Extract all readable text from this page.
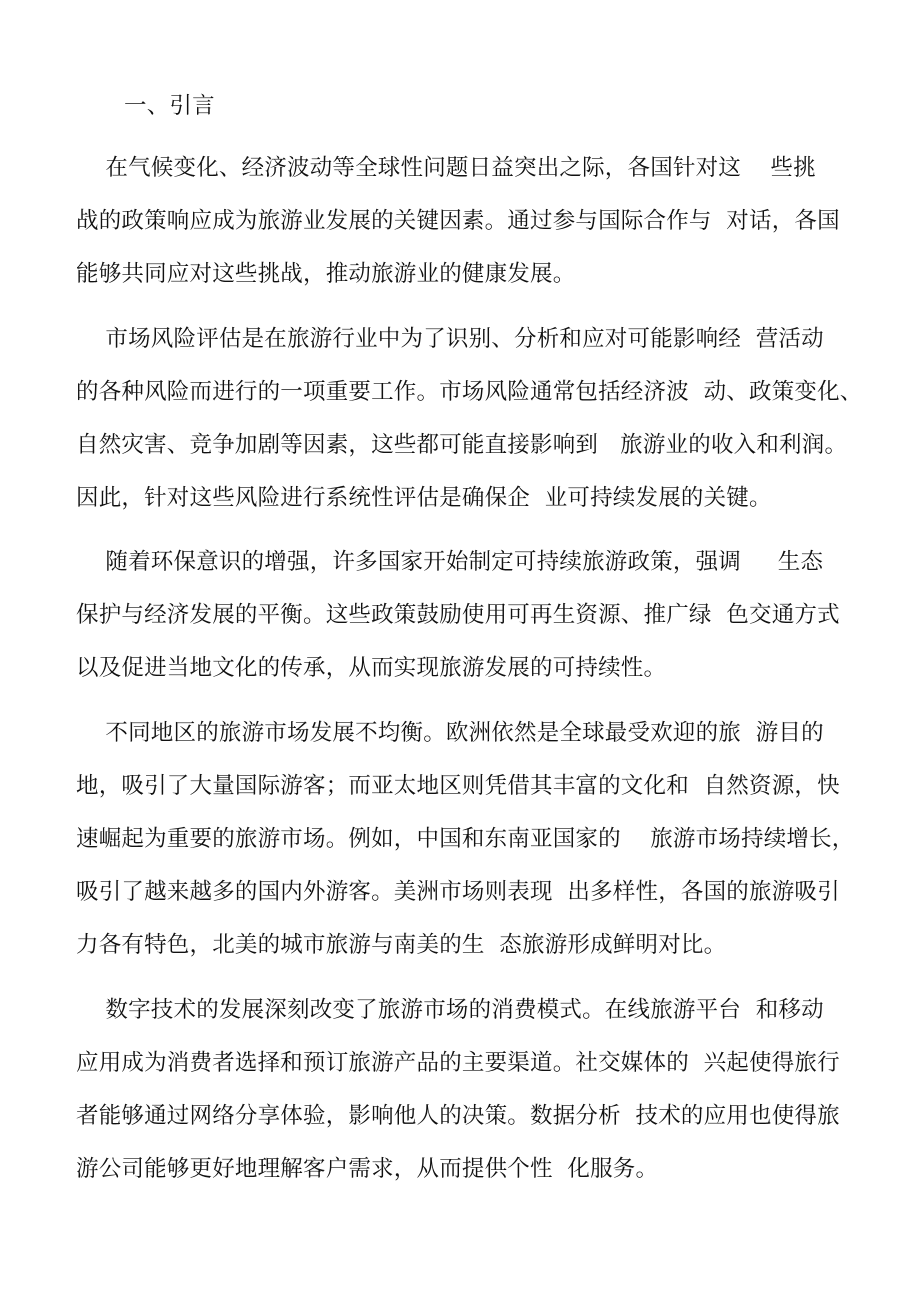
一、引言
在气候变化、经济波动等全球性问题日益突出之际，各国针对这    些挑
战的政策响应成为旅游业发展的关键因素。通过参与国际合作与  对话，各国
能够共同应对这些挑战，推动旅游业的健康发展。
市场风险评估是在旅游行业中为了识别、分析和应对可能影响经  营活动
的各种风险而进行的一项重要工作。市场风险通常包括经济波  动、政策变化、
自然灾害、竞争加剧等因素，这些都可能直接影响到   旅游业的收入和利润。
因此，针对这些风险进行系统性评估是确保企  业可持续发展的关键。
随着环保意识的增强，许多国家开始制定可持续旅游政策，强调     生态
保护与经济发展的平衡。这些政策鼓励使用可再生资源、推广绿  色交通方式
以及促进当地文化的传承，从而实现旅游发展的可持续性。
不同地区的旅游市场发展不均衡。欧洲依然是全球最受欢迎的旅  游目的
地，吸引了大量国际游客；而亚太地区则凭借其丰富的文化和  自然资源，快
速崛起为重要的旅游市场。例如，中国和东南亚国家的    旅游市场持续增长，
吸引了越来越多的国内外游客。美洲市场则表现  出多样性，各国的旅游吸引
力各有特色，北美的城市旅游与南美的生  态旅游形成鲜明对比。
数字技术的发展深刻改变了旅游市场的消费模式。在线旅游平台  和移动
应用成为消费者选择和预订旅游产品的主要渠道。社交媒体的  兴起使得旅行
者能够通过网络分享体验，影响他人的决策。数据分析  技术的应用也使得旅
游公司能够更好地理解客户需求，从而提供个性  化服务。
